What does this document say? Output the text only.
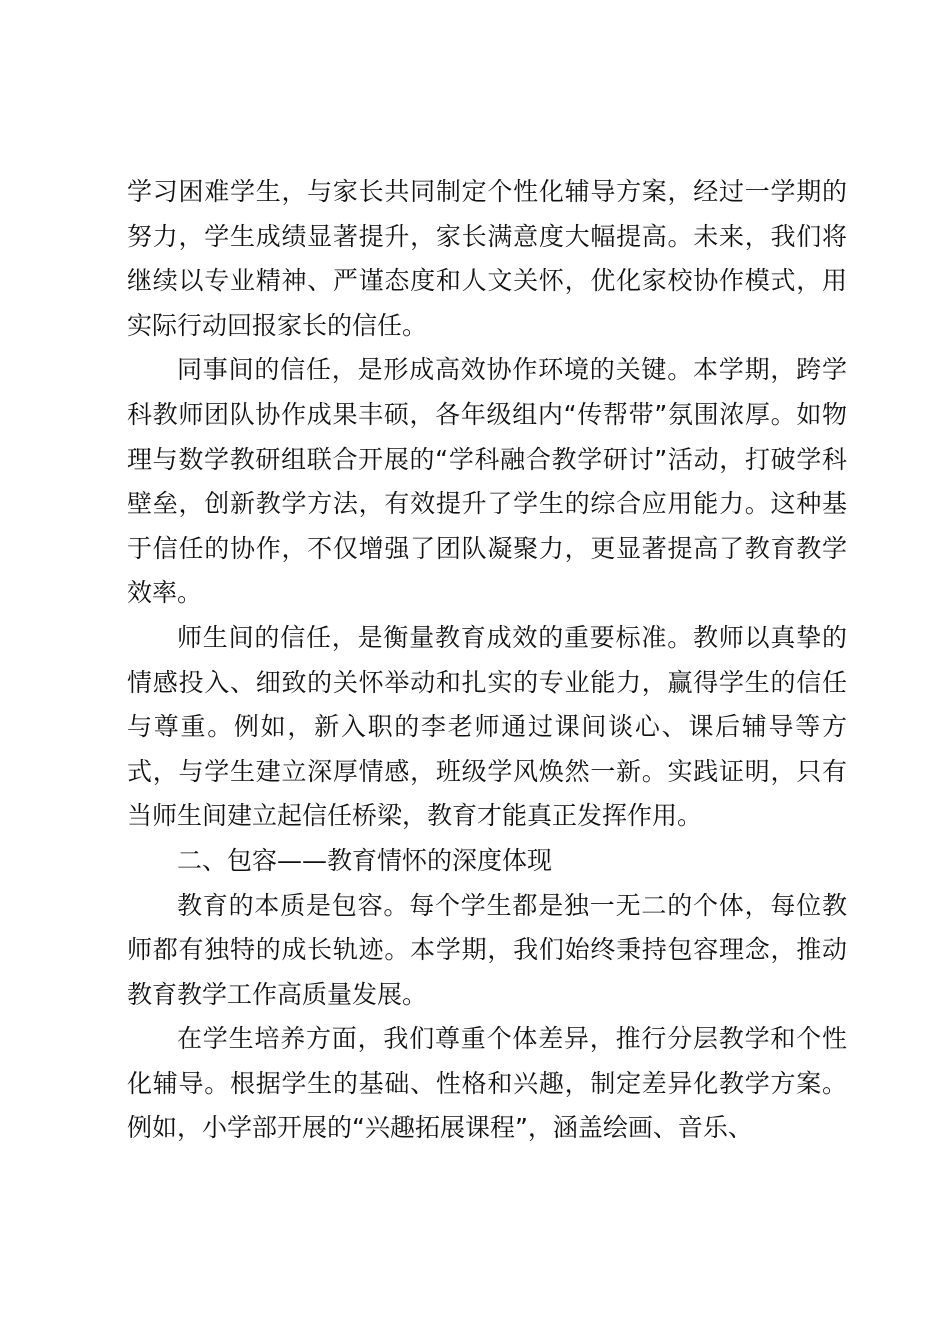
学习困难学生，与家长共同制定个性化辅导方案，经过一学期的努力，学生成绩显著提升，家长满意度大幅提高。未来，我们将继续以专业精神、严谨态度和人文关怀，优化家校协作模式，用实际行动回报家长的信任。

同事间的信任，是形成高效协作环境的关键。本学期，跨学科教师团队协作成果丰硕，各年级组内“传帮带”氛围浓厚。如物理与数学教研组联合开展的“学科融合教学研讨”活动，打破学科壁垒，创新教学方法，有效提升了学生的综合应用能力。这种基于信任的协作，不仅增强了团队凝聚力，更显著提高了教育教学效率。

师生间的信任，是衡量教育成效的重要标准。教师以真挚的情感投入、细致的关怀举动和扎实的专业能力，赢得学生的信任与尊重。例如，新入职的李老师通过课间谈心、课后辅导等方式，与学生建立深厚情感，班级学风焕然一新。实践证明，只有当师生间建立起信任桥梁，教育才能真正发挥作用。

二、包容——教育情怀的深度体现

教育的本质是包容。每个学生都是独一无二的个体，每位教师都有独特的成长轨迹。本学期，我们始终秉持包容理念，推动教育教学工作高质量发展。

在学生培养方面，我们尊重个体差异，推行分层教学和个性化辅导。根据学生的基础、性格和兴趣，制定差异化教学方案。例如，小学部开展的“兴趣拓展课程”，涵盖绘画、音乐、
